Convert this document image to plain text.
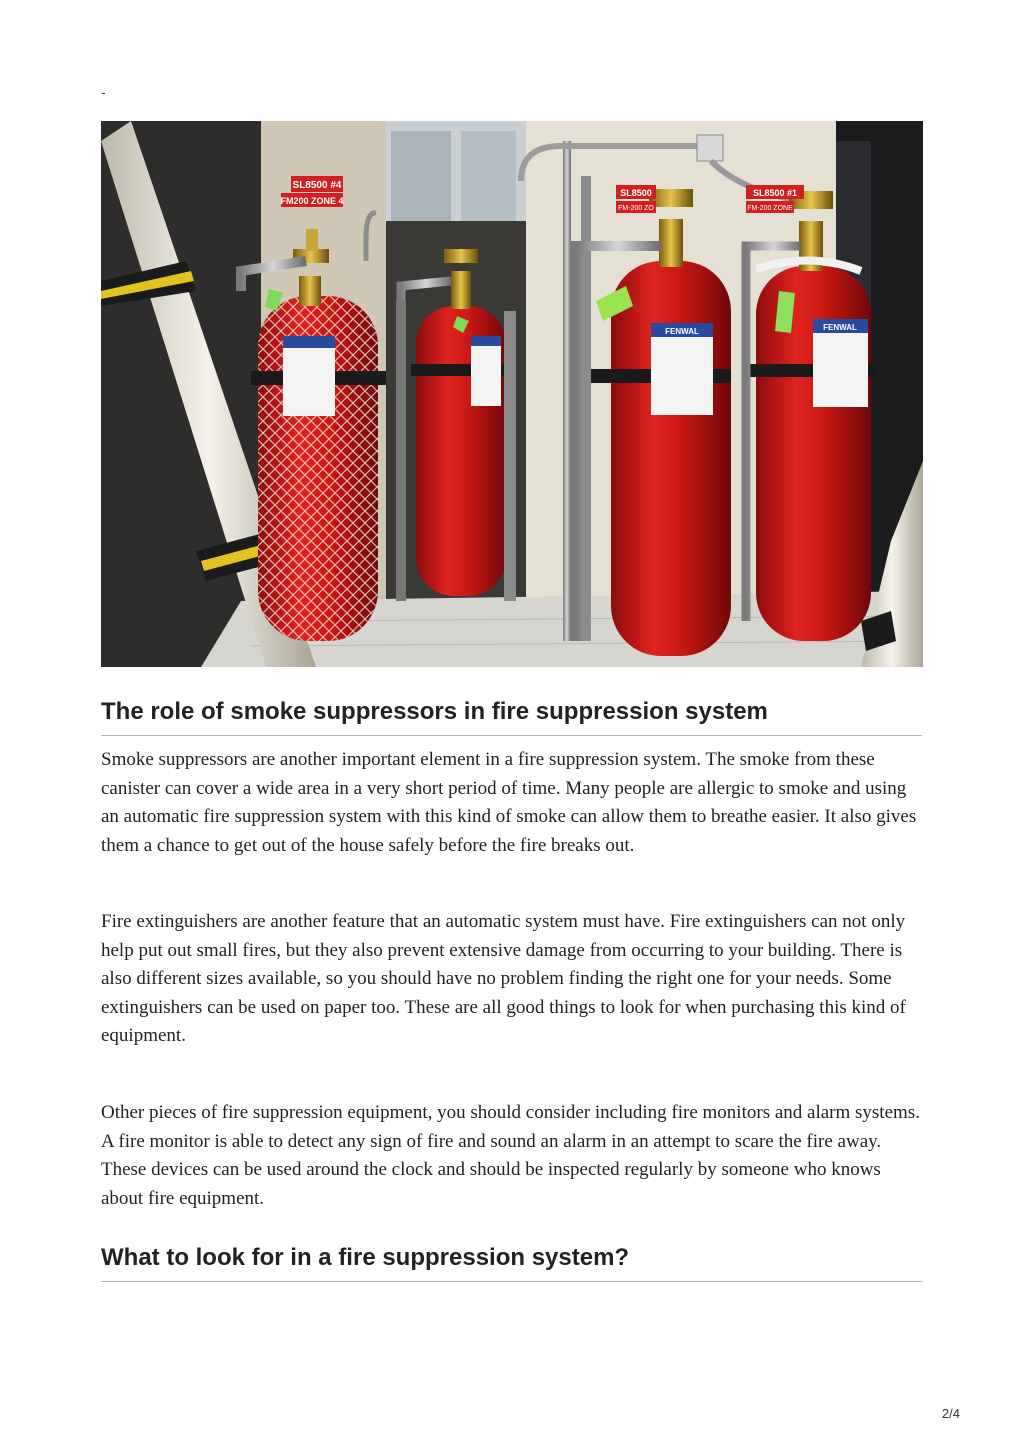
-
SL8500 #4
FM200 ZONE 4
FENWAL
SL8500
FM-200 ZO
FENWAL
SL8500 #1
FM-200 ZONE
The role of smoke suppressors in fire suppression system

Smoke suppressors are another important element in a fire suppression system. The smoke from these canister can cover a wide area in a very short period of time. Many people are allergic to smoke and using an automatic fire suppression system with this kind of smoke can allow them to breathe easier. It also gives them a chance to get out of the house safely before the fire breaks out.

Fire extinguishers are another feature that an automatic system must have. Fire extinguishers can not only help put out small fires, but they also prevent extensive damage from occurring to your building. There is also different sizes available, so you should have no problem finding the right one for your needs. Some extinguishers can be used on paper too. These are all good things to look for when purchasing this kind of equipment.

Other pieces of fire suppression equipment, you should consider including fire monitors and alarm systems. A fire monitor is able to detect any sign of fire and sound an alarm in an attempt to scare the fire away. These devices can be used around the clock and should be inspected regularly by someone who knows about fire equipment.

What to look for in a fire suppression system?
2/4
